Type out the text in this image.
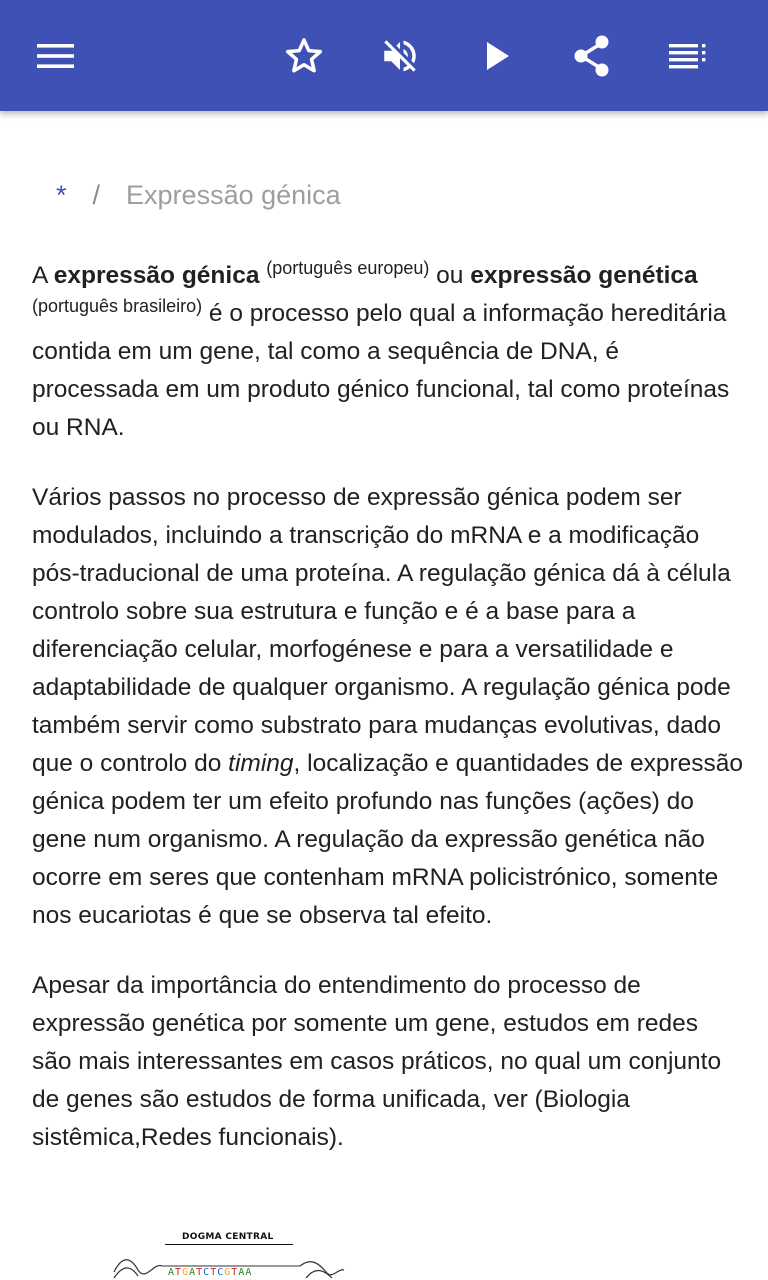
* / Expressão génica

A expressão génica $^{(português europeu)}$ ou expressão genética $^{(português brasileiro)}$ é o processo pelo qual a informação hereditária contida em um gene, tal como a sequência de DNA, é processada em um produto génico funcional, tal como proteínas ou RNA.

Vários passos no processo de expressão génica podem ser modulados, incluindo a transcrição do mRNA e a modificação pós-traducional de uma proteína. A regulação génica dá à célula controlo sobre sua estrutura e função e é a base para a diferenciação celular, morfogénese e para a versatilidade e adaptabilidade de qualquer organismo. A regulação génica pode também servir como substrato para mudanças evolutivas, dado que o controlo do timing, localização e quantidades de expressão génica podem ter um efeito profundo nas funções (ações) do gene num organismo. A regulação da expressão genética não ocorre em seres que contenham mRNA policistrónico, somente nos eucariotas é que se observa tal efeito.

Apesar da importância do entendimento do processo de expressão genética por somente um gene, estudos em redes são mais interessantes em casos práticos, no qual um conjunto de genes são estudos de forma unificada, ver (Biologia sistêmica,Redes funcionais).

DOGMA CENTRAL
ATGATCTCGTAA
